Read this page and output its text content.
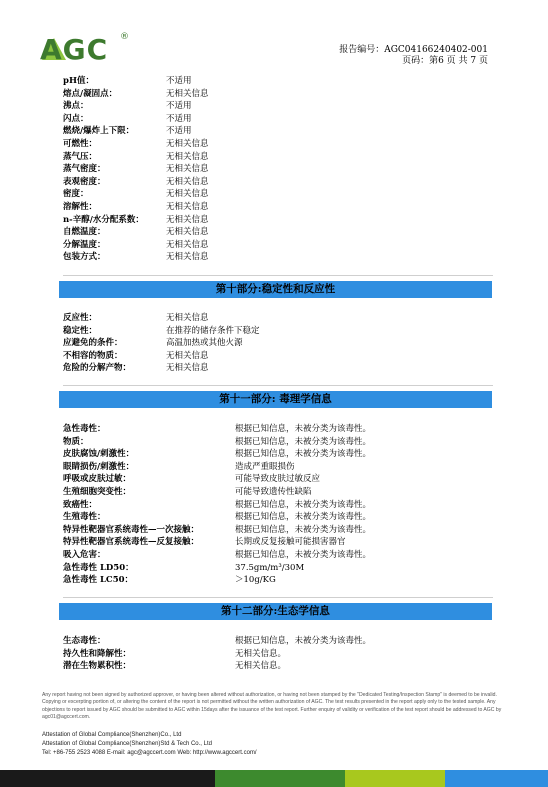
AGC ®
报告编号：AGC04166240402-001
页码：第6 页 共 7 页
pH值：	不适用
熔点/凝固点：	无相关信息
沸点：	不适用
闪点：	不适用
燃烧/爆炸上下限：	不适用
可燃性：	无相关信息
蒸气压：	无相关信息
蒸气密度：	无相关信息
表观密度：	无相关信息
密度：	无相关信息
溶解性：	无相关信息
n-辛醇/水分配系数：	无相关信息
自燃温度：	无相关信息
分解温度：	无相关信息
包装方式：	无相关信息
第十部分:稳定性和反应性
反应性：	无相关信息
稳定性：	在推荐的储存条件下稳定
应避免的条件：	高温加热或其他火源
不相容的物质：	无相关信息
危险的分解产物：	无相关信息
第十一部分: 毒理学信息
急性毒性：	根据已知信息，未被分类为该毒性。
物质：	根据已知信息，未被分类为该毒性。
皮肤腐蚀/刺激性：	根据已知信息，未被分类为该毒性。
眼睛损伤/刺激性：	造成严重眼损伤
呼吸或皮肤过敏：	可能导致皮肤过敏反应
生殖细胞突变性：	可能导致遗传性缺陷
致癌性：	根据已知信息，未被分类为该毒性。
生殖毒性：	根据已知信息，未被分类为该毒性。
特异性靶器官系统毒性—一次接触：	根据已知信息，未被分类为该毒性。
特异性靶器官系统毒性—反复接触：	长期或反复接触可能损害器官
吸入危害：	根据已知信息，未被分类为该毒性。
急性毒性 LD50：	37.5gm/m³/30M
急性毒性 LC50：	＞10g/KG
第十二部分:生态学信息
生态毒性：	根据已知信息，未被分类为该毒性。
持久性和降解性：	无相关信息。
潜在生物累积性：	无相关信息。
Any report having not been signed by authorized approver, or having been altered without authorization, or having not been stamped by the "Dedicated Testing/Inspection Stamp" is deemed to be invalid. Copying or excerpting portion of, or altering the content of the report is not permitted without the written authorization of AGC. The test results presented in the report apply only to the tested sample. Any objections to report issued by AGC should be submitted to AGC within 15days after the issuance of the test report. Further enquiry of validity or verification of the test report should be addressed to AGC by agc01@agccert.com.
Attestation of Global Compliance(Shenzhen)Co., Ltd
Attestation of Global Compliance(Shenzhen)Std & Tech Co., Ltd
Tel: +86-755 2523 4088 E-mail: agc@agccert.com Web: http://www.agccert.com/
